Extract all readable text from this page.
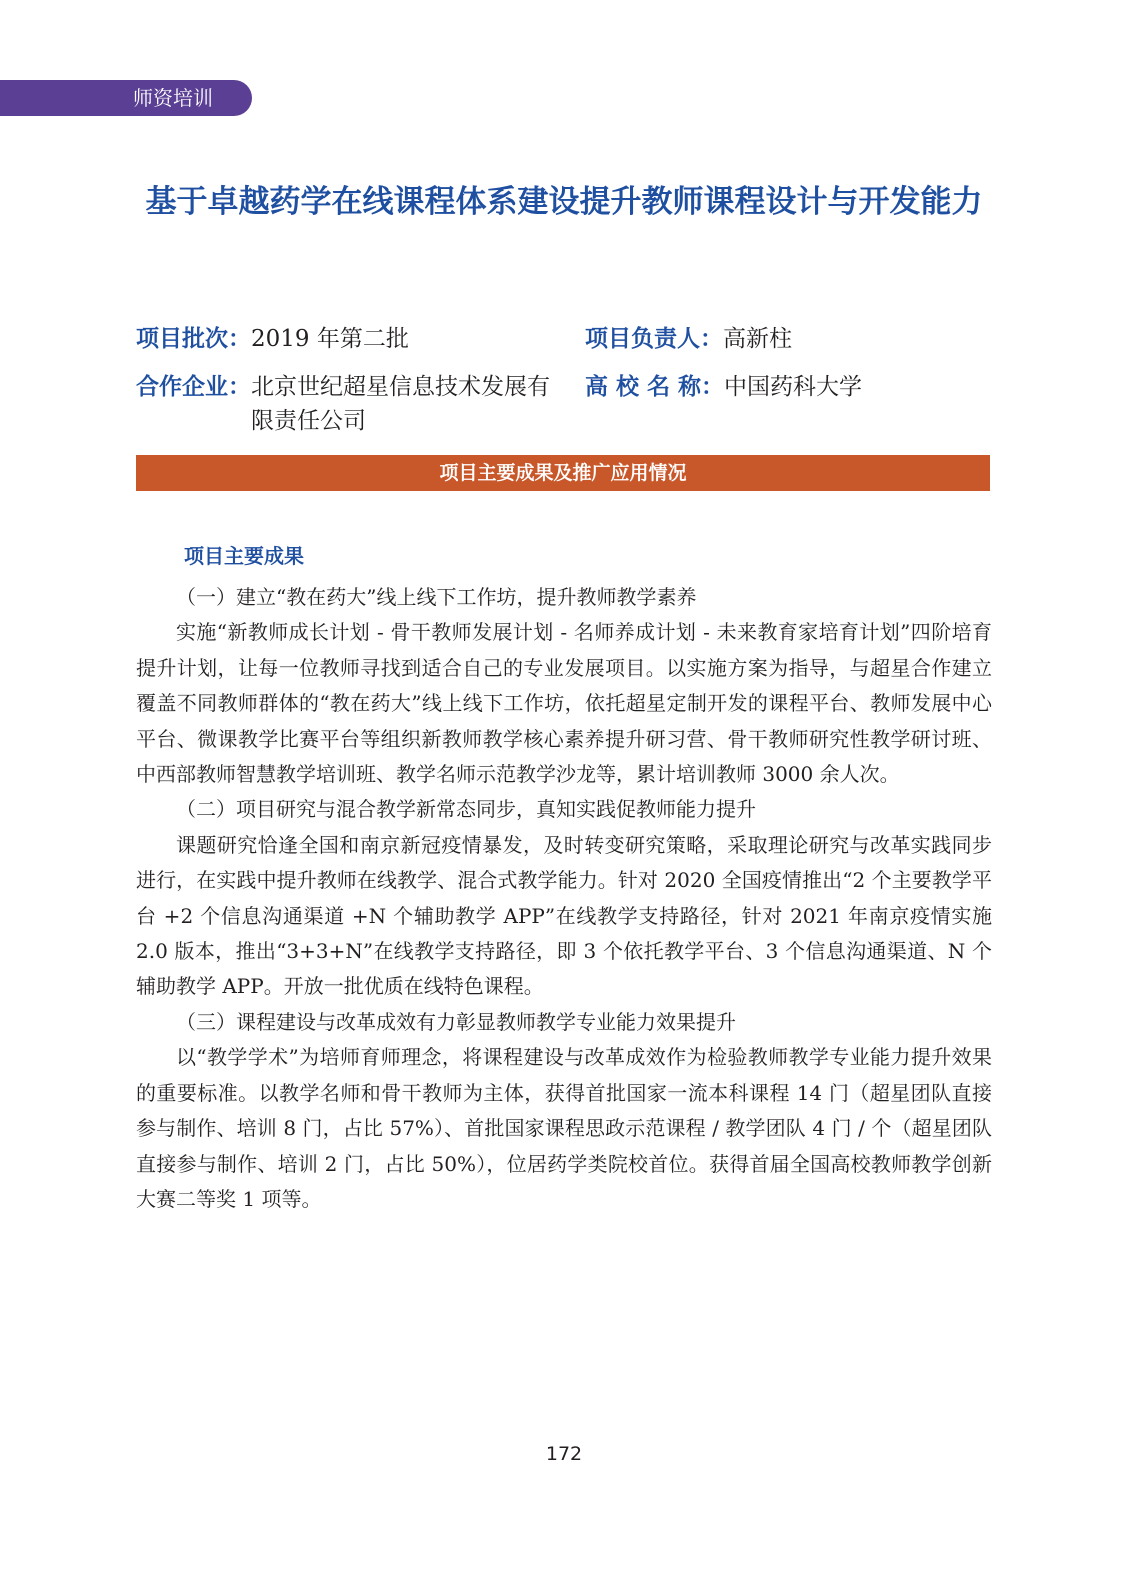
师资培训
基于卓越药学在线课程体系建设提升教师课程设计与开发能力
项目批次：2019 年第二批	项目负责人：高新柱
合作企业： 北京世纪超星信息技术发展有限责任公司
高 校 名 称：中国药科大学
项目主要成果及推广应用情况
项目主要成果

（一）建立“教在药大”线上线下工作坊，提升教师教学素养

实施“新教师成长计划 - 骨干教师发展计划 - 名师养成计划 - 未来教育家培育计划”四阶培育提升计划，让每一位教师寻找到适合自己的专业发展项目。以实施方案为指导，与超星合作建立覆盖不同教师群体的“教在药大”线上线下工作坊，依托超星定制开发的课程平台、教师发展中心平台、微课教学比赛平台等组织新教师教学核心素养提升研习营、骨干教师研究性教学研讨班、中西部教师智慧教学培训班、教学名师示范教学沙龙等，累计培训教师 3000 余人次。

（二）项目研究与混合教学新常态同步，真知实践促教师能力提升

课题研究恰逢全国和南京新冠疫情暴发，及时转变研究策略，采取理论研究与改革实践同步进行，在实践中提升教师在线教学、混合式教学能力。针对 2020 全国疫情推出“2 个主要教学平台 +2 个信息沟通渠道 +N 个辅助教学 APP”在线教学支持路径，针对 2021 年南京疫情实施 2.0 版本，推出“3+3+N”在线教学支持路径，即 3 个依托教学平台、3 个信息沟通渠道、N 个辅助教学 APP。开放一批优质在线特色课程。

（三）课程建设与改革成效有力彰显教师教学专业能力效果提升

以“教学学术”为培师育师理念，将课程建设与改革成效作为检验教师教学专业能力提升效果的重要标准。以教学名师和骨干教师为主体，获得首批国家一流本科课程 14 门（超星团队直接参与制作、培训 8 门，占比 57%）、首批国家课程思政示范课程 / 教学团队 4 门 / 个（超星团队直接参与制作、培训 2 门，占比 50%），位居药学类院校首位。获得首届全国高校教师教学创新大赛二等奖 1 项等。

172
